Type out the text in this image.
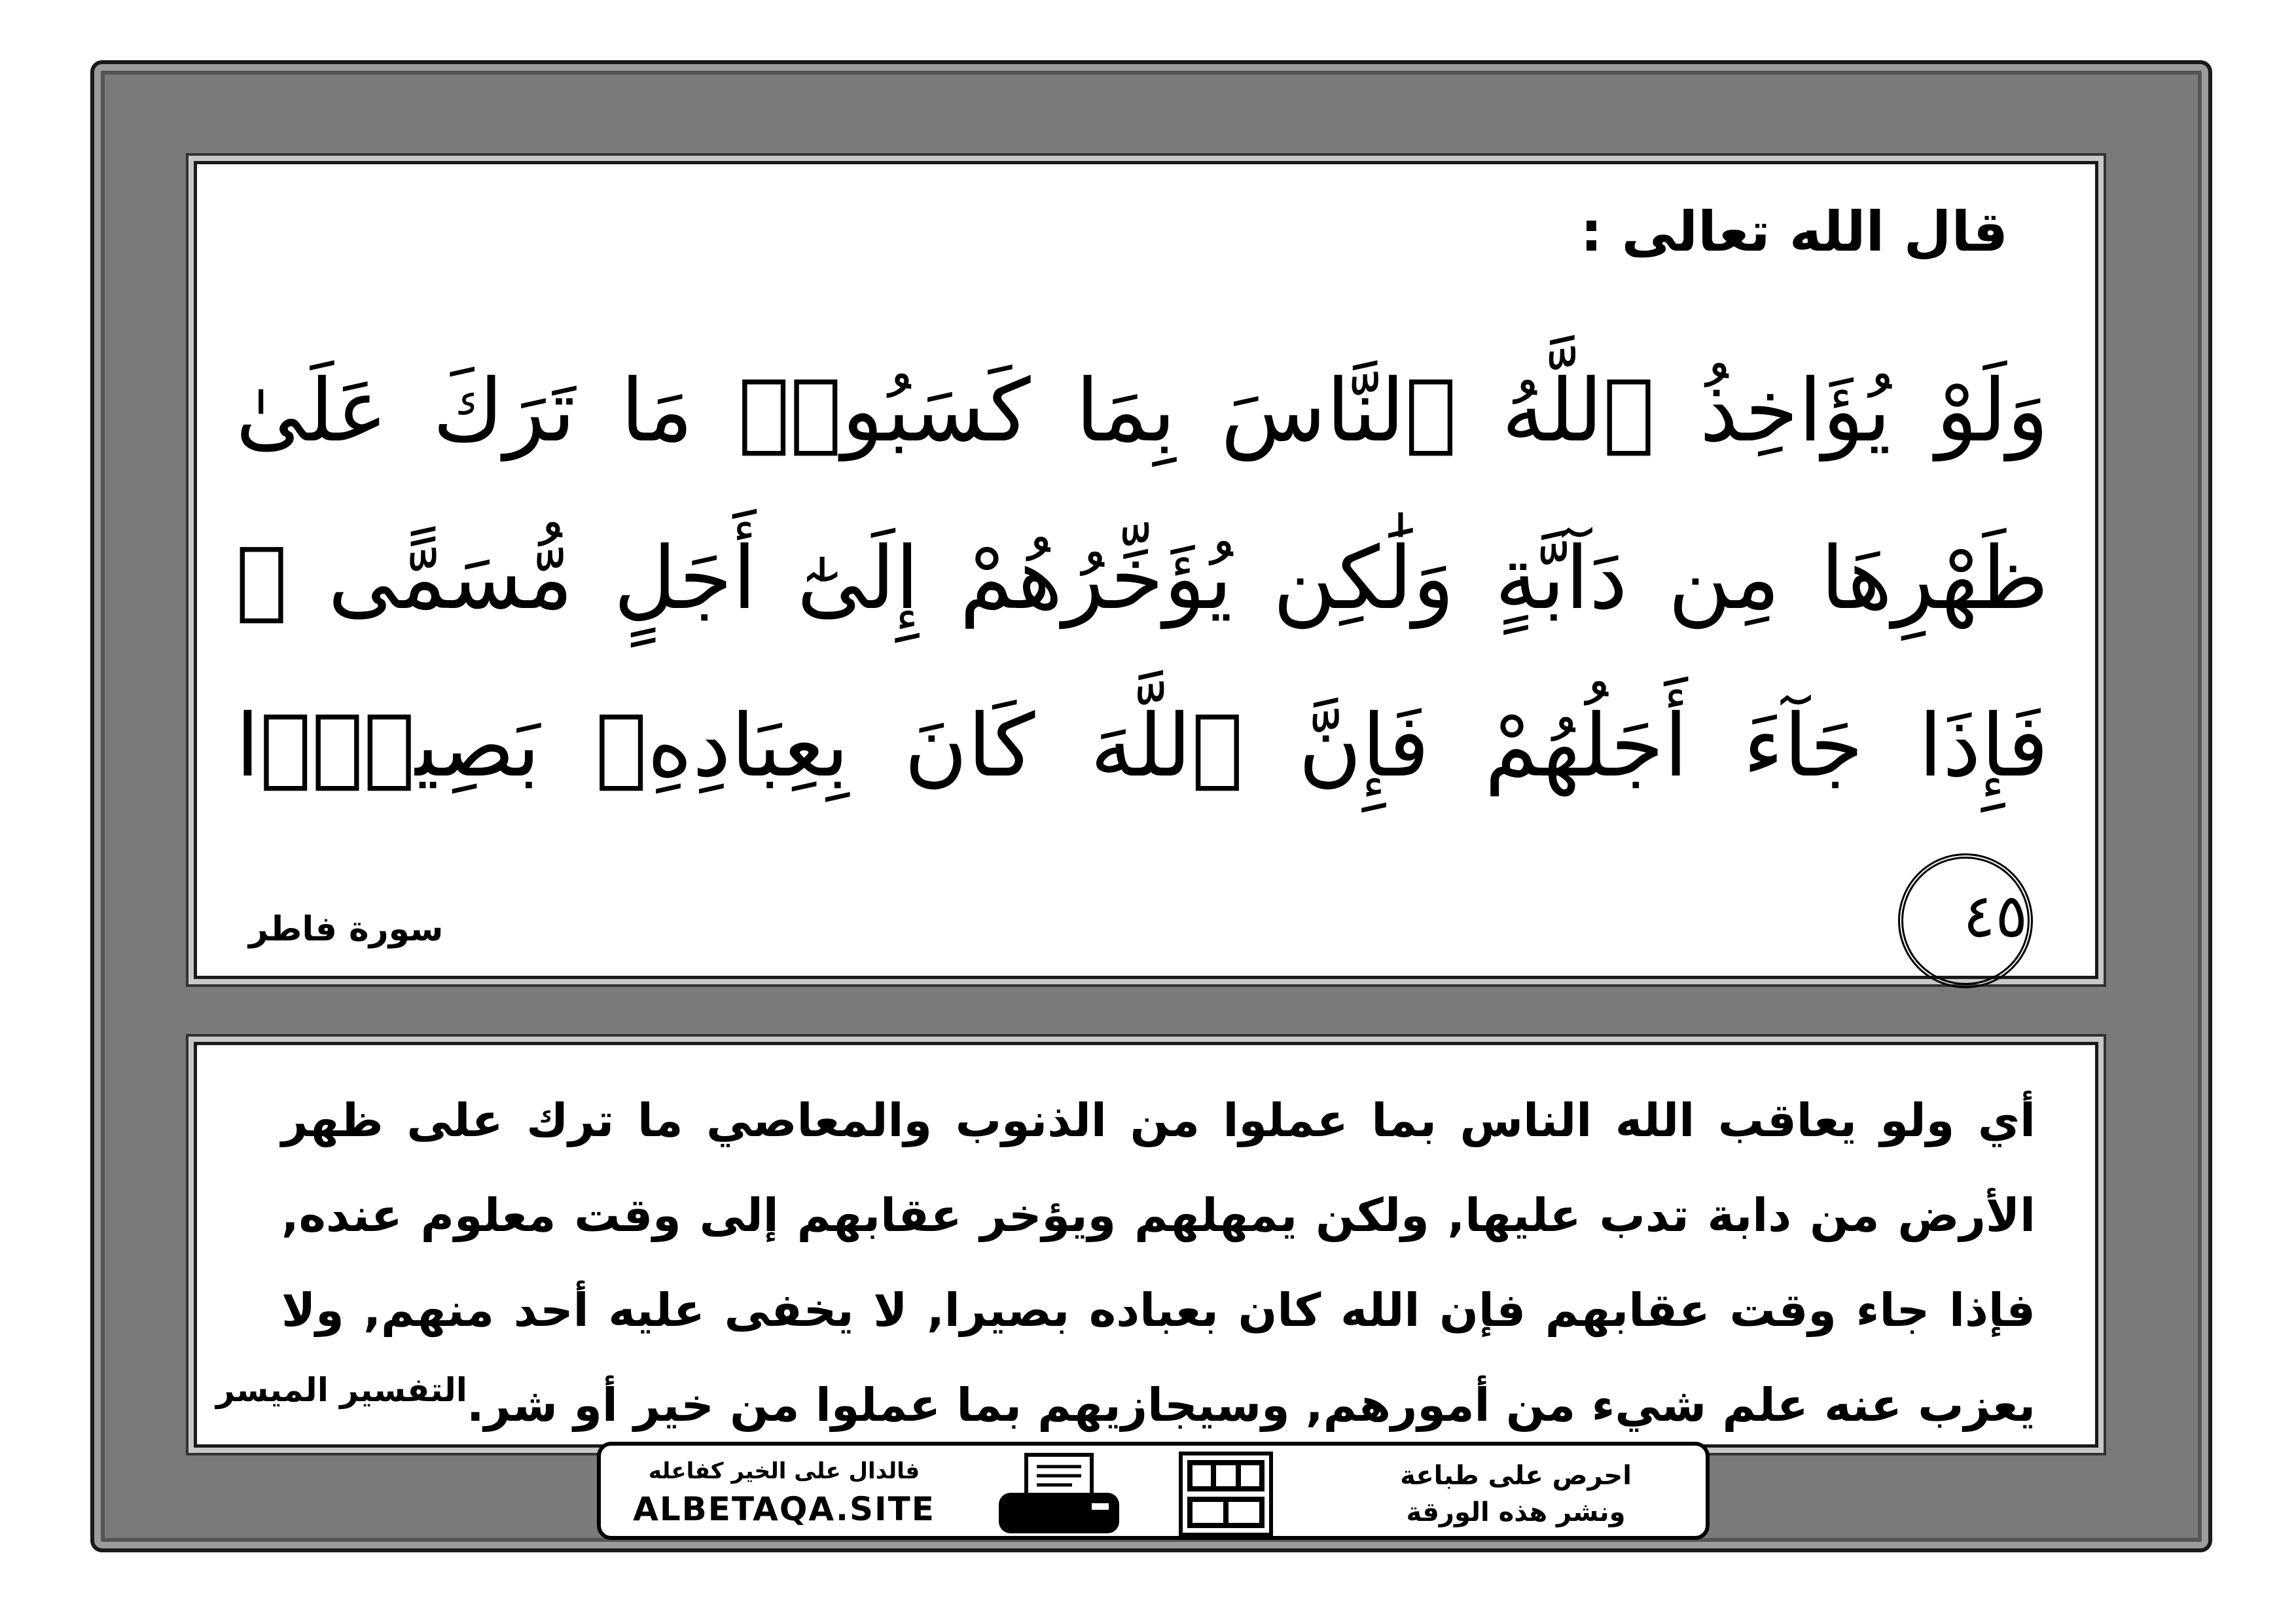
قال الله تعالى :
وَلَوْ يُؤَاخِذُ ٱللَّهُ ٱلنَّاسَ بِمَا كَسَبُوا۟ مَا تَرَكَ عَلَىٰ ظَهْرِهَا مِن دَآبَّةٍ وَلَٰكِن يُؤَخِّرُهُمْ إِلَىٰٓ أَجَلٍ مُّسَمًّى ۖ فَإِذَا جَآءَ أَجَلُهُمْ فَإِنَّ ٱللَّهَ كَانَ بِعِبَادِهِۦ بَصِيرًۢا ٤٥
سورة فاطر
أي ولو يعاقب الله الناس بما عملوا من الذنوب والمعاصي ما ترك على ظهر الأرض من دابة تدب عليها, ولكن يمهلهم ويؤخر عقابهم إلى وقت معلوم عنده, فإذا جاء وقت عقابهم فإن الله كان بعباده بصيرا, لا يخفى عليه أحد منهم, ولا يعزب عنه علم شيء من أمورهم, وسيجازيهم بما عملوا من خير أو شر.
التفسير الميسر
فالدال على الخير كفاعله
ALBETAQA.SITE
احرص على طباعة
ونشر هذه الورقة
